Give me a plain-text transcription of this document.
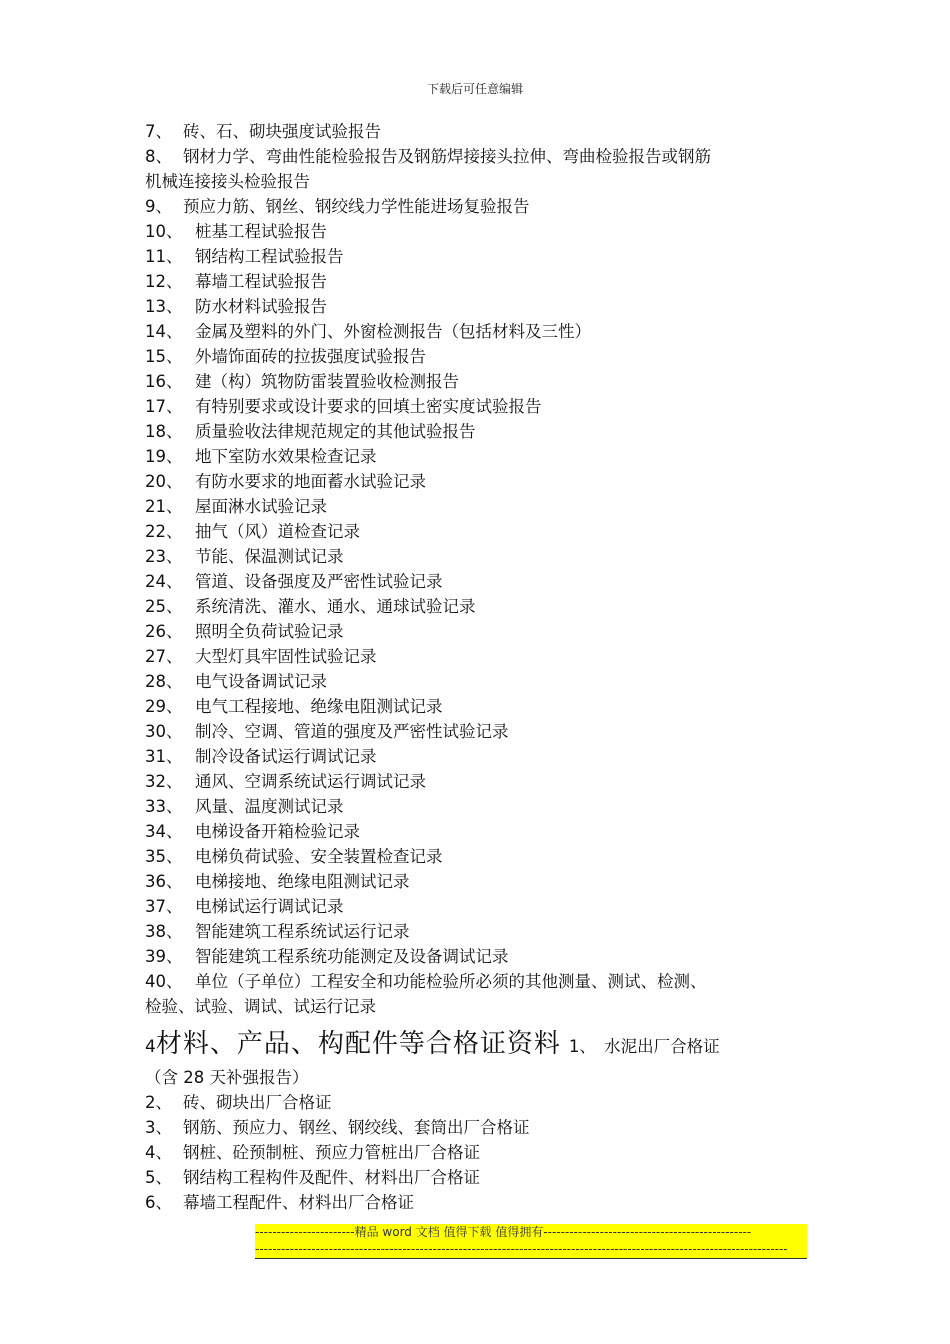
下载后可任意编辑
7、 砖、石、砌块强度试验报告
8、 钢材力学、弯曲性能检验报告及钢筋焊接接头拉伸、弯曲检验报告或钢筋
机械连接接头检验报告
9、 预应力筋、钢丝、钢绞线力学性能进场复验报告
10、 桩基工程试验报告
11、 钢结构工程试验报告
12、 幕墙工程试验报告
13、 防水材料试验报告
14、 金属及塑料的外门、外窗检测报告（包括材料及三性）
15、 外墙饰面砖的拉拔强度试验报告
16、 建（构）筑物防雷装置验收检测报告
17、 有特别要求或设计要求的回填土密实度试验报告
18、 质量验收法律规范规定的其他试验报告
19、 地下室防水效果检查记录
20、 有防水要求的地面蓄水试验记录
21、 屋面淋水试验记录
22、 抽气（风）道检查记录
23、 节能、保温测试记录
24、 管道、设备强度及严密性试验记录
25、 系统清洗、灌水、通水、通球试验记录
26、 照明全负荷试验记录
27、 大型灯具牢固性试验记录
28、 电气设备调试记录
29、 电气工程接地、绝缘电阻测试记录
30、 制冷、空调、管道的强度及严密性试验记录
31、 制冷设备试运行调试记录
32、 通风、空调系统试运行调试记录
33、 风量、温度测试记录
34、 电梯设备开箱检验记录
35、 电梯负荷试验、安全装置检查记录
36、 电梯接地、绝缘电阻测试记录
37、 电梯试运行调试记录
38、 智能建筑工程系统试运行记录
39、 智能建筑工程系统功能测定及设备调试记录
40、 单位（子单位）工程安全和功能检验所必须的其他测量、测试、检测、
检验、试验、调试、试运行记录
4材料、产品、构配件等合格证资料 1、　水泥出厂合格证
（含 28 天补强报告）
2、 砖、砌块出厂合格证
3、 钢筋、预应力、钢丝、钢绞线、套筒出厂合格证
4、 钢桩、砼预制桩、预应力管桩出厂合格证
5、 钢结构工程构件及配件、材料出厂合格证
6、 幕墙工程配件、材料出厂合格证
-----------------------精品 word 文档 值得下载 值得拥有------------------------------------------------
---------------------------------------------------------------------------------------------------------------------------
